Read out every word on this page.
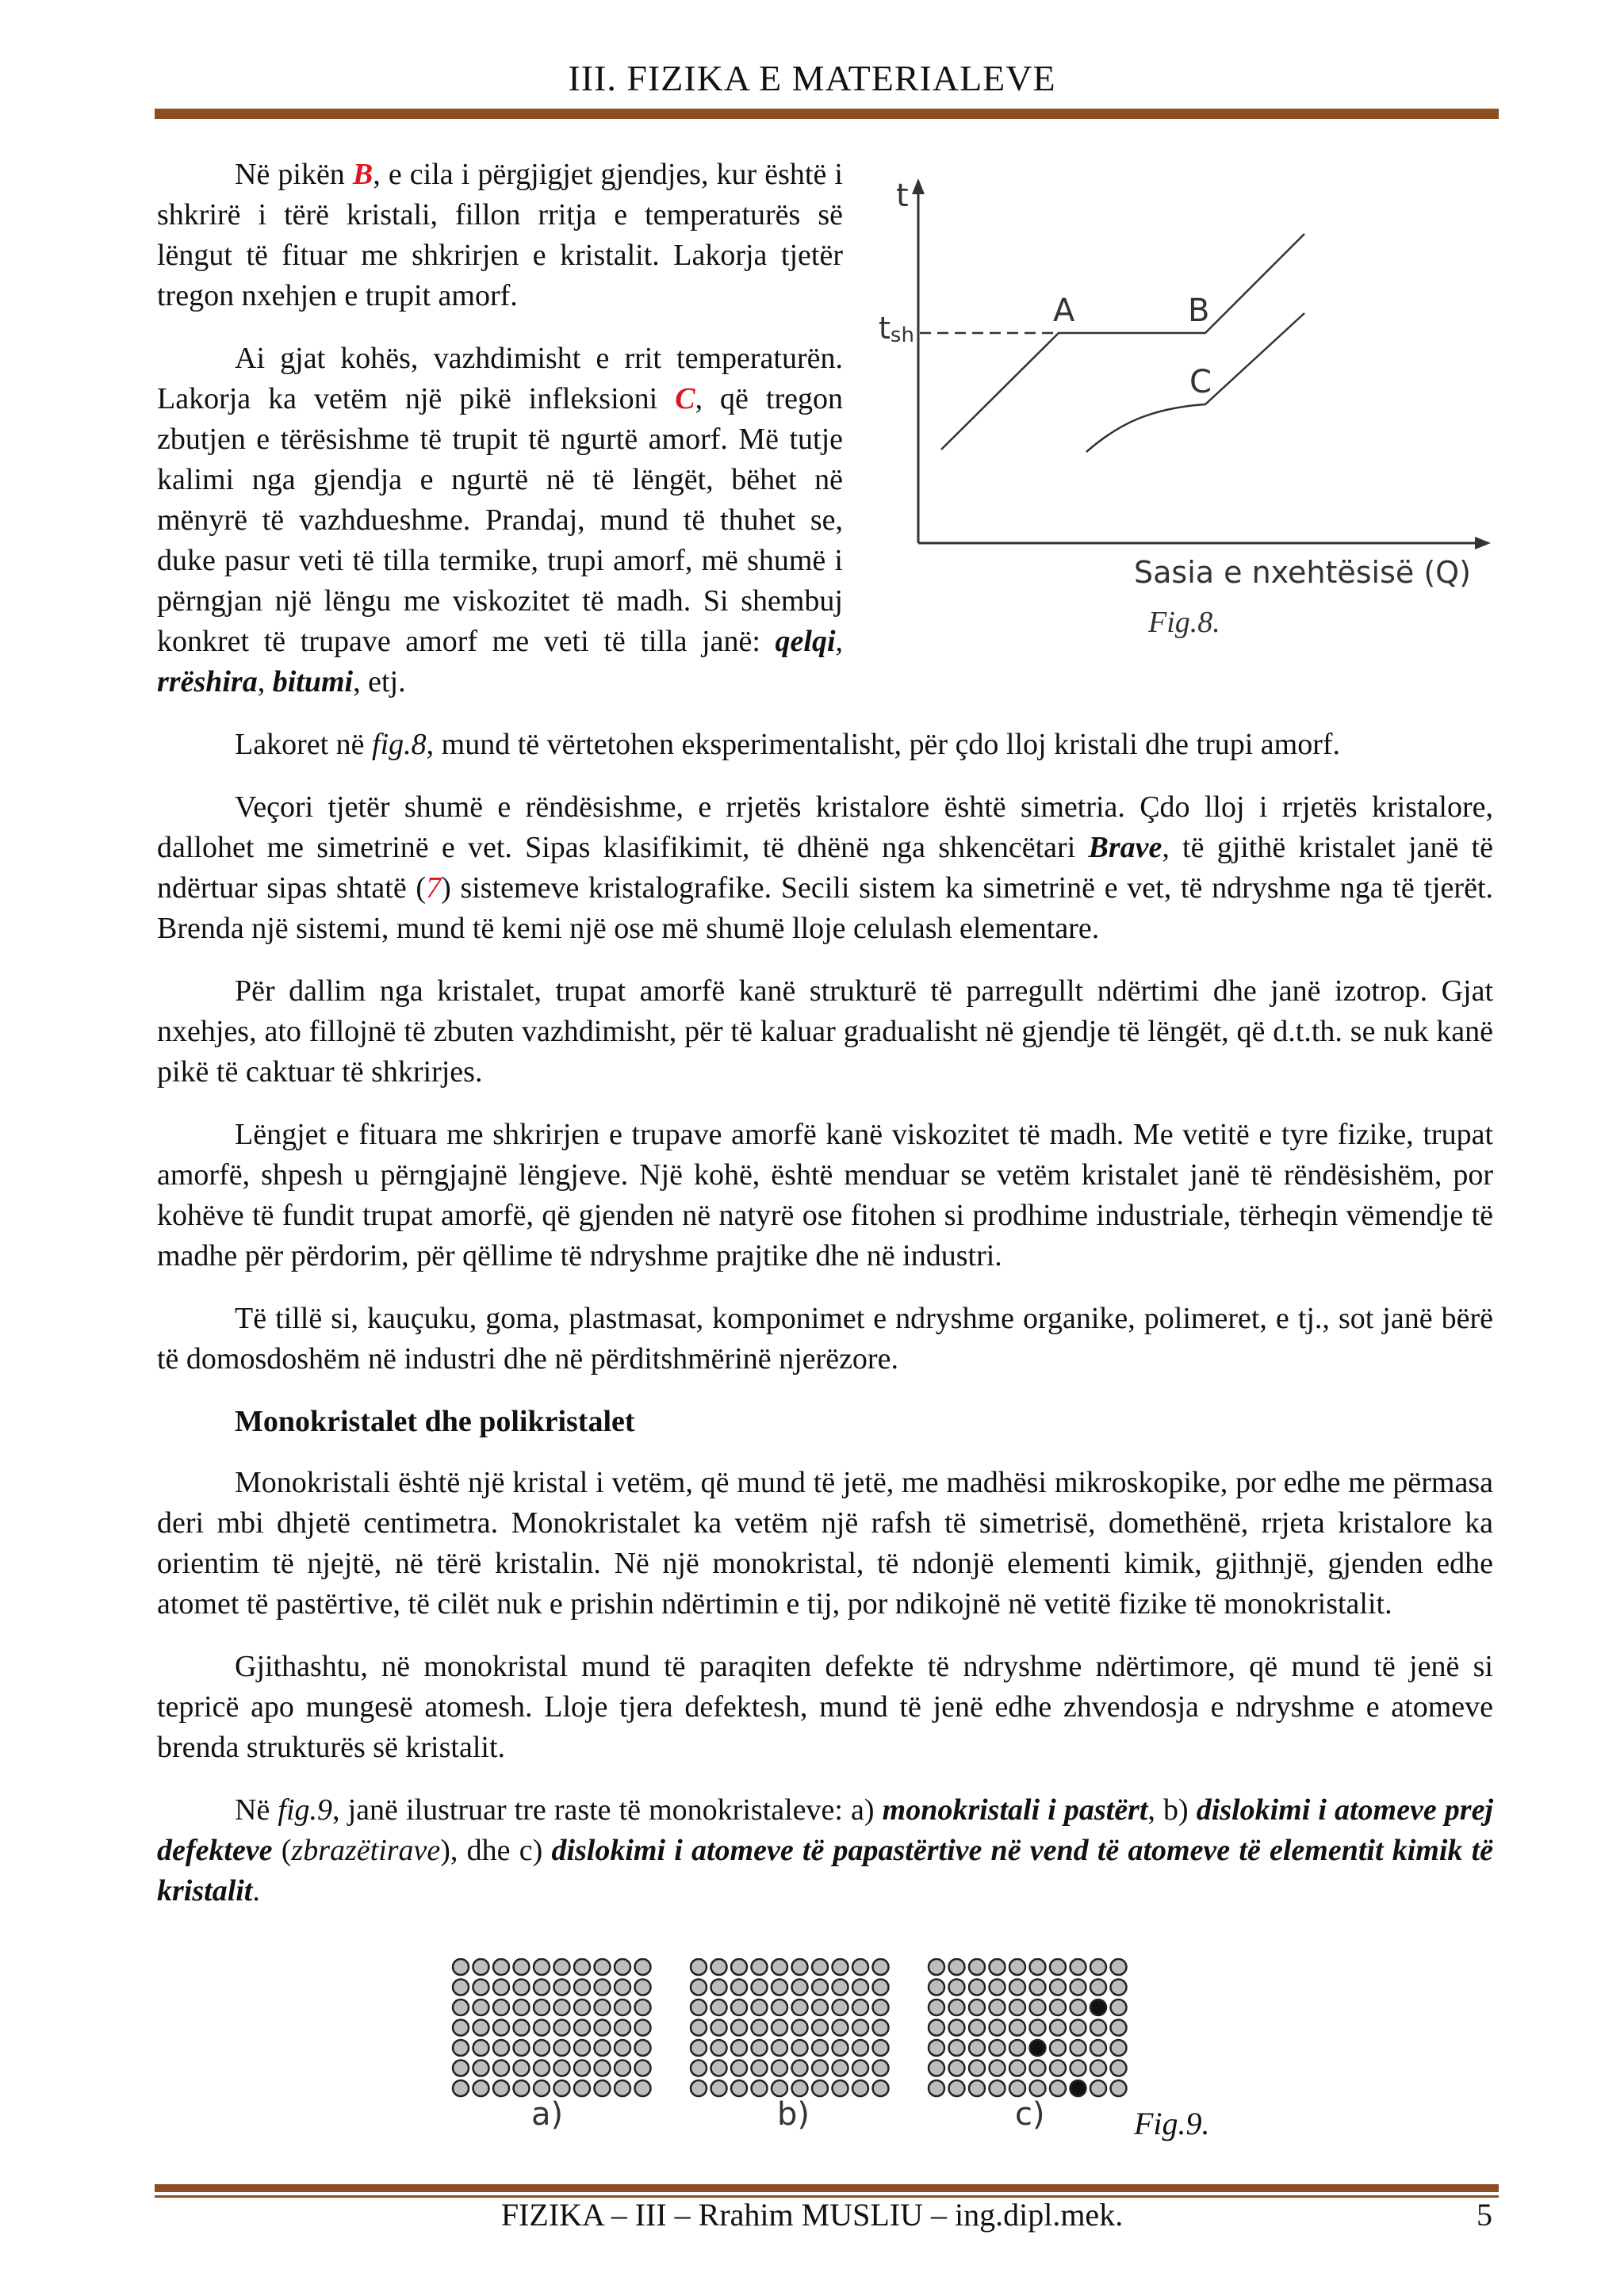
III. FIZIKA E MATERIALEVE

Në pikën B, e cila i përgjigjet gjendjes, kur është i shkrirë i tërë kristali, fillon rritja e temperaturës së lëngut të fituar me shkrirjen e kristalit. Lakorja tjetër tregon nxehjen e trupit amorf.

Ai gjat kohës, vazhdimisht e rrit temperaturën. Lakorja ka vetëm një pikë infleksioni C, që tregon zbutjen e tërësishme të trupit të ngurtë amorf. Më tutje kalimi nga gjendja e ngurtë në të lëngët, bëhet në mënyrë të vazhdueshme. Prandaj, mund të thuhet se, duke pasur veti të tilla termike, trupi amorf, më shumë i përngjan një lëngu me viskozitet të madh. Si shembuj konkret të trupave amorf me veti të tilla janë: qelqi, rrëshira, bitumi, etj.

Lakoret në fig.8, mund të vërtetohen eksperimentalisht, për çdo lloj kristali dhe trupi amorf.

Veçori tjetër shumë e rëndësishme, e rrjetës kristalore është simetria. Çdo lloj i rrjetës kristalore, dallohet me simetrinë e vet. Sipas klasifikimit, të dhënë nga shkencëtari Brave, të gjithë kristalet janë të ndërtuar sipas shtatë (7) sistemeve kristalografike. Secili sistem ka simetrinë e vet, të ndryshme nga të tjerët. Brenda një sistemi, mund të kemi një ose më shumë lloje celulash elementare.

Për dallim nga kristalet, trupat amorfë kanë strukturë të parregullt ndërtimi dhe janë izotrop. Gjat nxehjes, ato fillojnë të zbuten vazhdimisht, për të kaluar gradualisht në gjendje të lëngët, që d.t.th. se nuk kanë pikë të caktuar të shkrirjes.

Lëngjet e fituara me shkrirjen e trupave amorfë kanë viskozitet të madh. Me vetitë e tyre fizike, trupat amorfë, shpesh u përngjajnë lëngjeve. Një kohë, është menduar se vetëm kristalet janë të rëndësishëm, por kohëve të fundit trupat amorfë, që gjenden në natyrë ose fitohen si prodhime industriale, tërheqin vëmendje të madhe për përdorim, për qëllime të ndryshme prajtike dhe në industri.

Të tillë si, kauçuku, goma, plastmasat, komponimet e ndryshme organike, polimeret, e tj., sot janë bërë të domosdoshëm në industri dhe në përditshmërinë njerëzore.

Monokristalet dhe polikristalet

Monokristali është një kristal i vetëm, që mund të jetë, me madhësi mikroskopike, por edhe me përmasa deri mbi dhjetë centimetra. Monokristalet ka vetëm një rafsh të simetrisë, domethënë, rrjeta kristalore ka orientim të njejtë, në tërë kristalin. Në një monokristal, të ndonjë elementi kimik, gjithnjë, gjenden edhe atomet të pastërtive, të cilët nuk e prishin ndërtimin e tij, por ndikojnë në vetitë fizike të monokristalit.

Gjithashtu, në monokristal mund të paraqiten defekte të ndryshme ndërtimore, që mund të jenë si tepricë apo mungesë atomesh. Lloje tjera defektesh, mund të jenë edhe zhvendosja e ndryshme e atomeve brenda strukturës së kristalit.

Në fig.9, janë ilustruar tre raste të monokristaleve: a) monokristali i pastërt, b) dislokimi i atomeve prej defekteve (zbrazëtirave), dhe c) dislokimi i atomeve të papastërtive në vend të atomeve të elementit kimik të kristalit.

t
tsh
A	B
C
Sasia e nxehtësisë (Q)
Fig.8.
a)	b)	c)	Fig.9.
FIZIKA – III – Rrahim MUSLIU – ing.dipl.mek.	5
